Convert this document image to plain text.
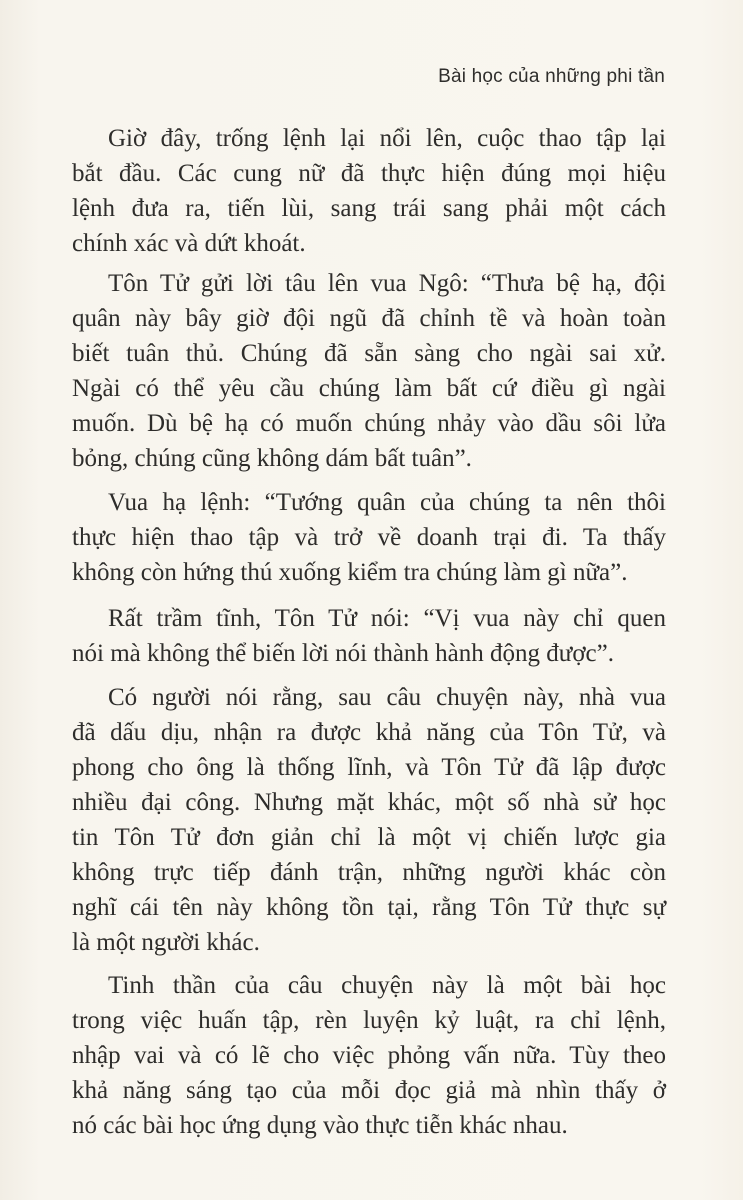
Bài học của những phi tần
Giờ đây, trống lệnh lại nổi lên, cuộc thao tập lại
bắt đầu. Các cung nữ đã thực hiện đúng mọi hiệu
lệnh đưa ra, tiến lùi, sang trái sang phải một cách
chính xác và dứt khoát.
Tôn Tử gửi lời tâu lên vua Ngô: “Thưa bệ hạ, đội
quân này bây giờ đội ngũ đã chỉnh tề và hoàn toàn
biết tuân thủ. Chúng đã sẵn sàng cho ngài sai xử.
Ngài có thể yêu cầu chúng làm bất cứ điều gì ngài
muốn. Dù bệ hạ có muốn chúng nhảy vào dầu sôi lửa
bỏng, chúng cũng không dám bất tuân”.
Vua hạ lệnh: “Tướng quân của chúng ta nên thôi
thực hiện thao tập và trở về doanh trại đi. Ta thấy
không còn hứng thú xuống kiểm tra chúng làm gì nữa”.
Rất trầm tĩnh, Tôn Tử nói: “Vị vua này chỉ quen
nói mà không thể biến lời nói thành hành động được”.
Có người nói rằng, sau câu chuyện này, nhà vua
đã dấu dịu, nhận ra được khả năng của Tôn Tử, và
phong cho ông là thống lĩnh, và Tôn Tử đã lập được
nhiều đại công. Nhưng mặt khác, một số nhà sử học
tin Tôn Tử đơn giản chỉ là một vị chiến lược gia
không trực tiếp đánh trận, những người khác còn
nghĩ cái tên này không tồn tại, rằng Tôn Tử thực sự
là một người khác.
Tinh thần của câu chuyện này là một bài học
trong việc huấn tập, rèn luyện kỷ luật, ra chỉ lệnh,
nhập vai và có lẽ cho việc phỏng vấn nữa. Tùy theo
khả năng sáng tạo của mỗi đọc giả mà nhìn thấy ở
nó các bài học ứng dụng vào thực tiễn khác nhau.
